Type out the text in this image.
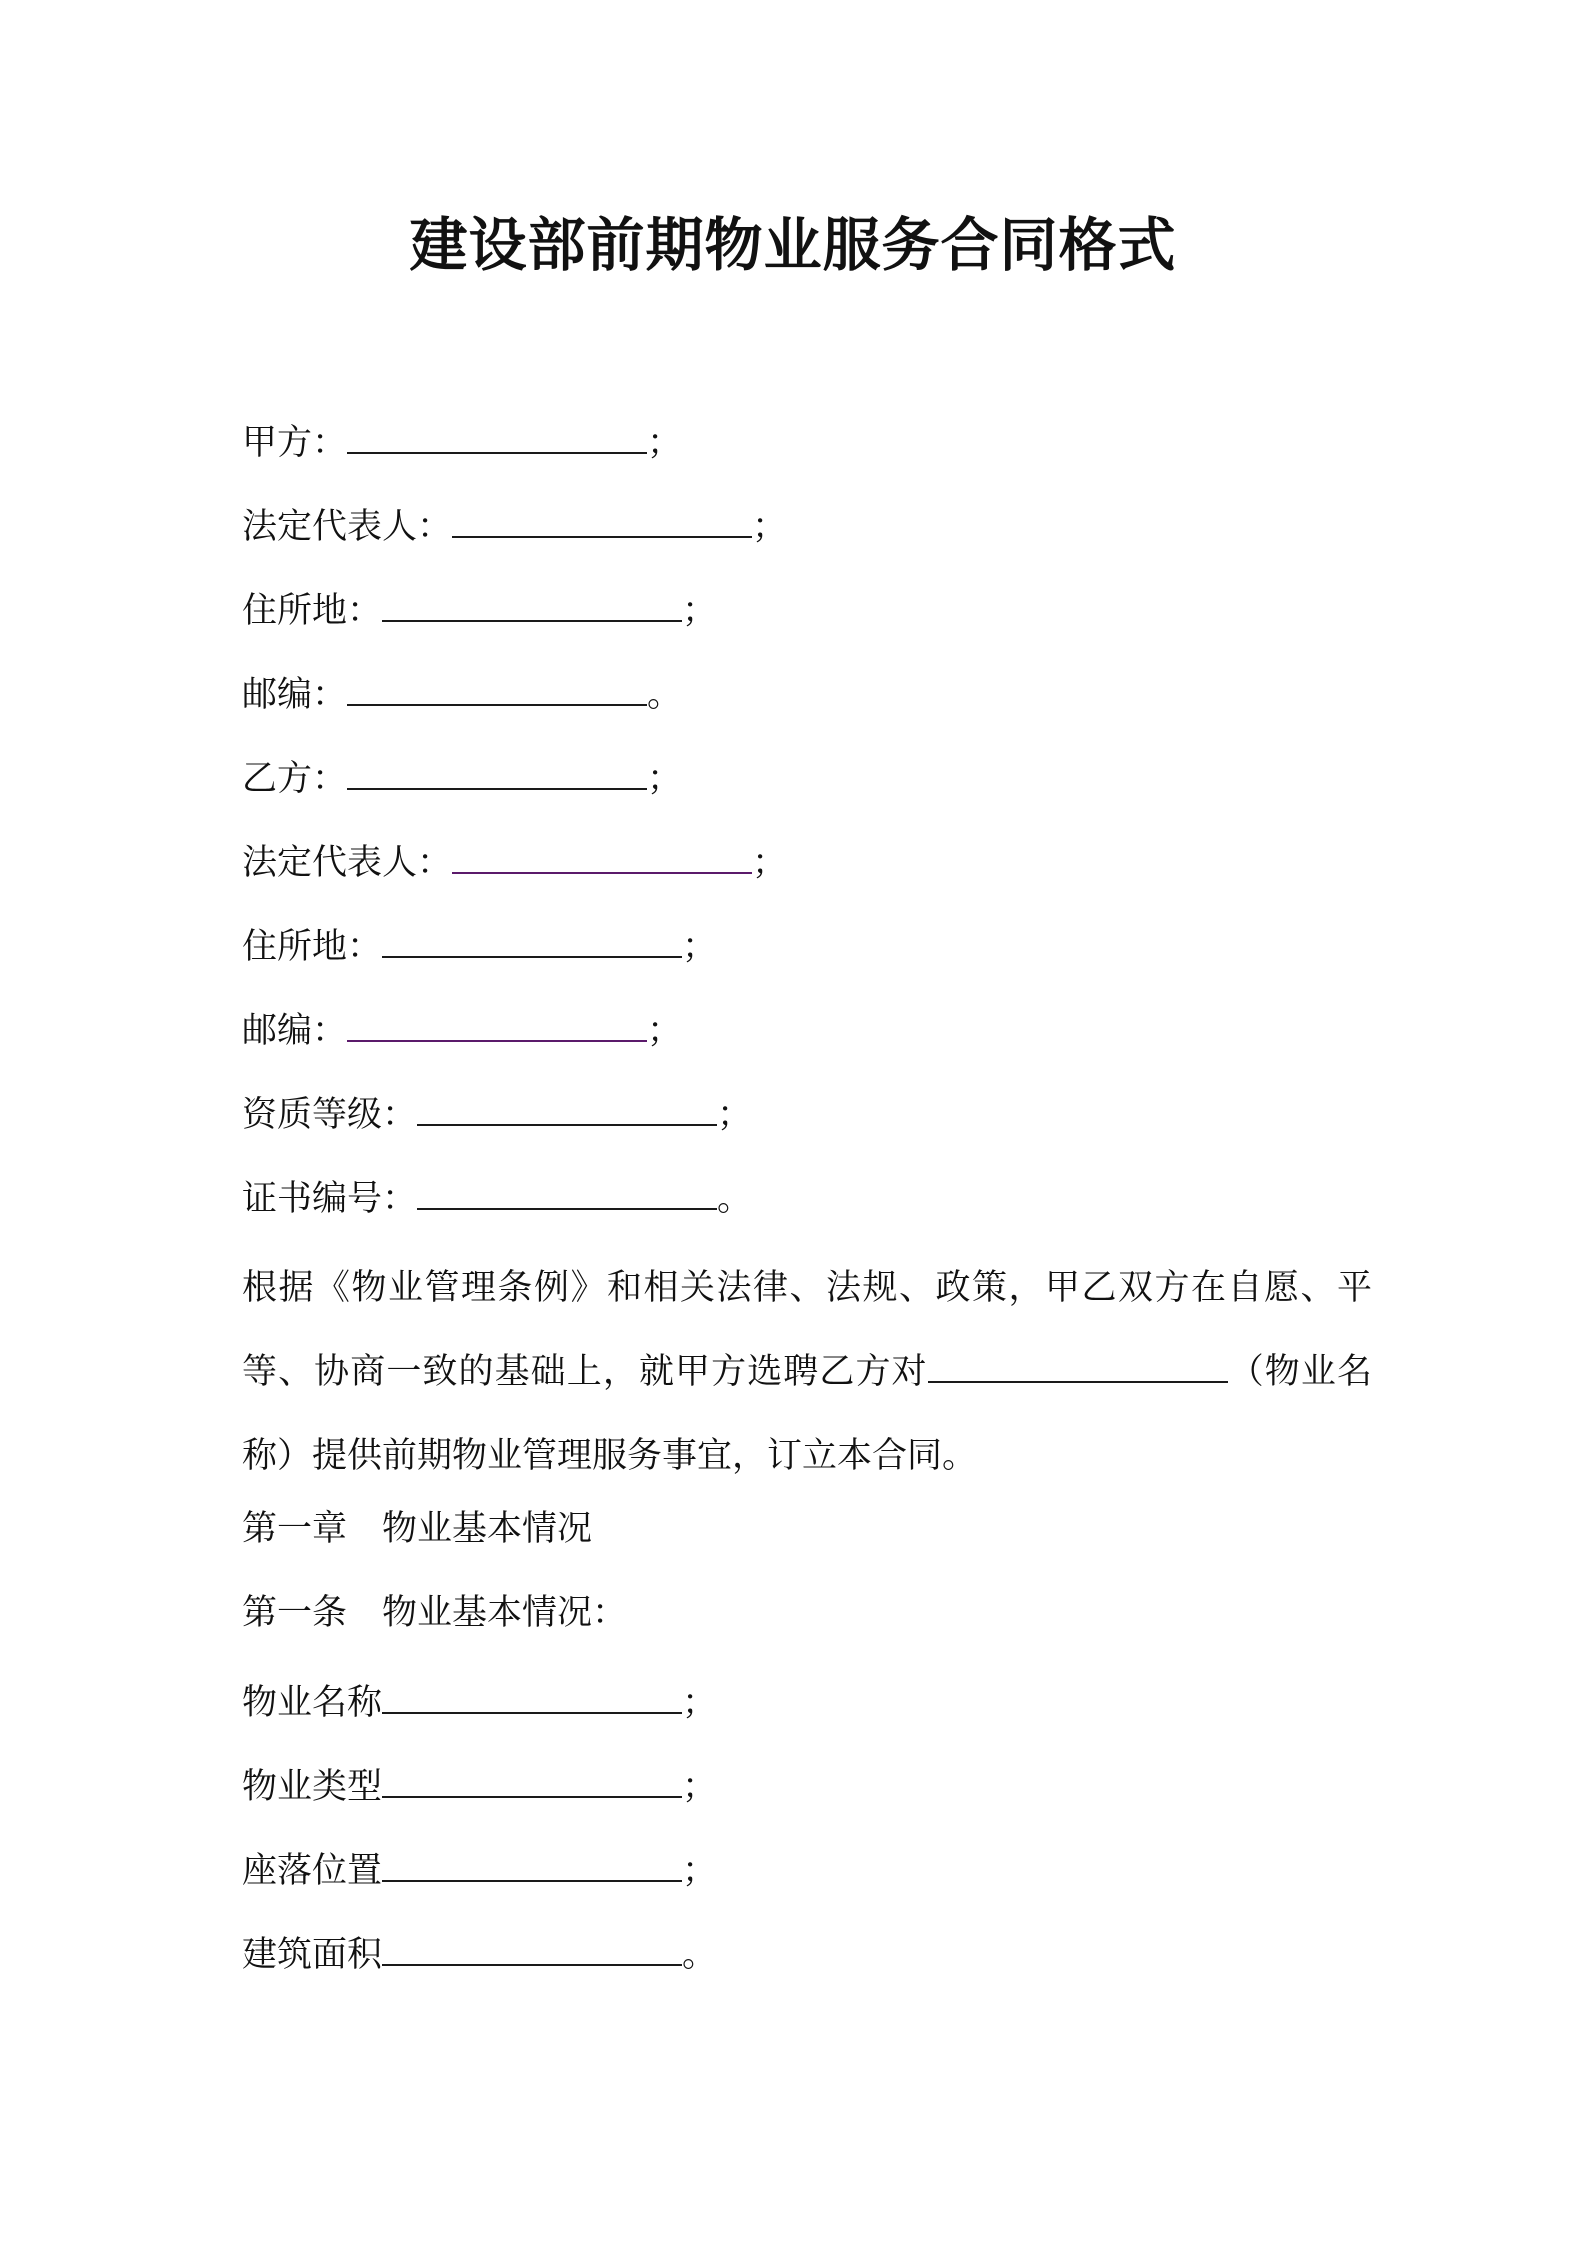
建设部前期物业服务合同格式
甲方：	；
法定代表人：	；
住所地：	；
邮编：	。
乙方：	；
法定代表人：	；
住所地：	；
邮编：	；
资质等级：	；
证书编号：	。
根据《物业管理条例》和相关法律、法规、政策，甲乙双方在自愿、平等、协商一致的基础上，就甲方选聘乙方对	（物业名称）提供前期物业管理服务事宜，订立本合同。
第一章 物业基本情况
第一条 物业基本情况：
物业名称	；
物业类型	；
座落位置	；
建筑面积	。
